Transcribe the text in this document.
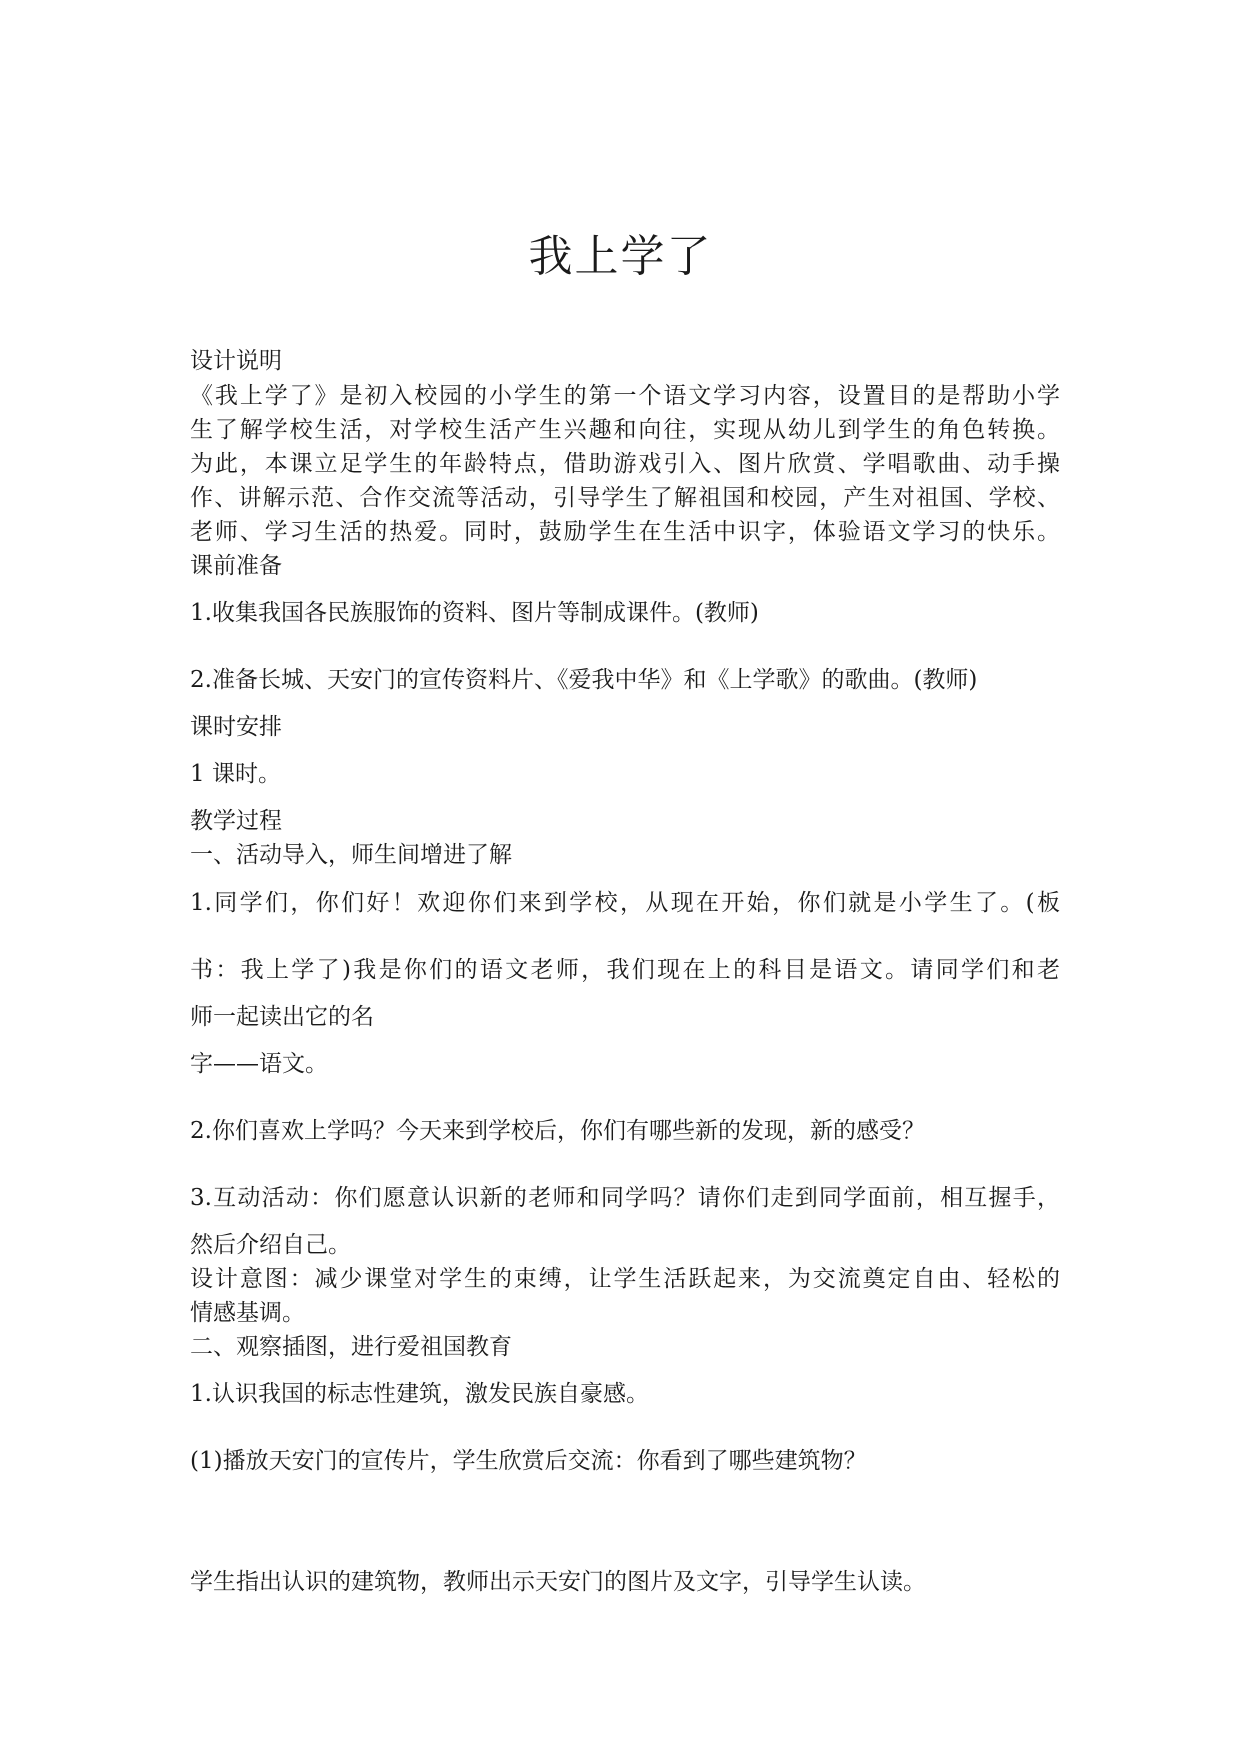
我上学了
设计说明
《我上学了》是初入校园的小学生的第一个语文学习内容，设置目的是帮助小学
生了解学校生活，对学校生活产生兴趣和向往，实现从幼儿到学生的角色转换。
为此，本课立足学生的年龄特点，借助游戏引入、图片欣赏、学唱歌曲、动手操
作、讲解示范、合作交流等活动，引导学生了解祖国和校园，产生对祖国、学校、
老师、学习生活的热爱。同时，鼓励学生在生活中识字，体验语文学习的快乐。
课前准备
1.收集我国各民族服饰的资料、图片等制成课件。(教师)
2.准备长城、天安门的宣传资料片、《爱我中华》和《上学歌》的歌曲。(教师)
课时安排
1 课时。
教学过程
一、活动导入，师生间增进了解
1.同学们，你们好！欢迎你们来到学校，从现在开始，你们就是小学生了。(板
书：我上学了)我是你们的语文老师，我们现在上的科目是语文。请同学们和老
师一起读出它的名
字——语文。
2.你们喜欢上学吗？今天来到学校后，你们有哪些新的发现，新的感受？
3.互动活动：你们愿意认识新的老师和同学吗？请你们走到同学面前，相互握手，
然后介绍自己。
设计意图：减少课堂对学生的束缚，让学生活跃起来，为交流奠定自由、轻松的
情感基调。
二、观察插图，进行爱祖国教育
1.认识我国的标志性建筑，激发民族自豪感。
(1)播放天安门的宣传片，学生欣赏后交流：你看到了哪些建筑物？
学生指出认识的建筑物，教师出示天安门的图片及文字，引导学生认读。
